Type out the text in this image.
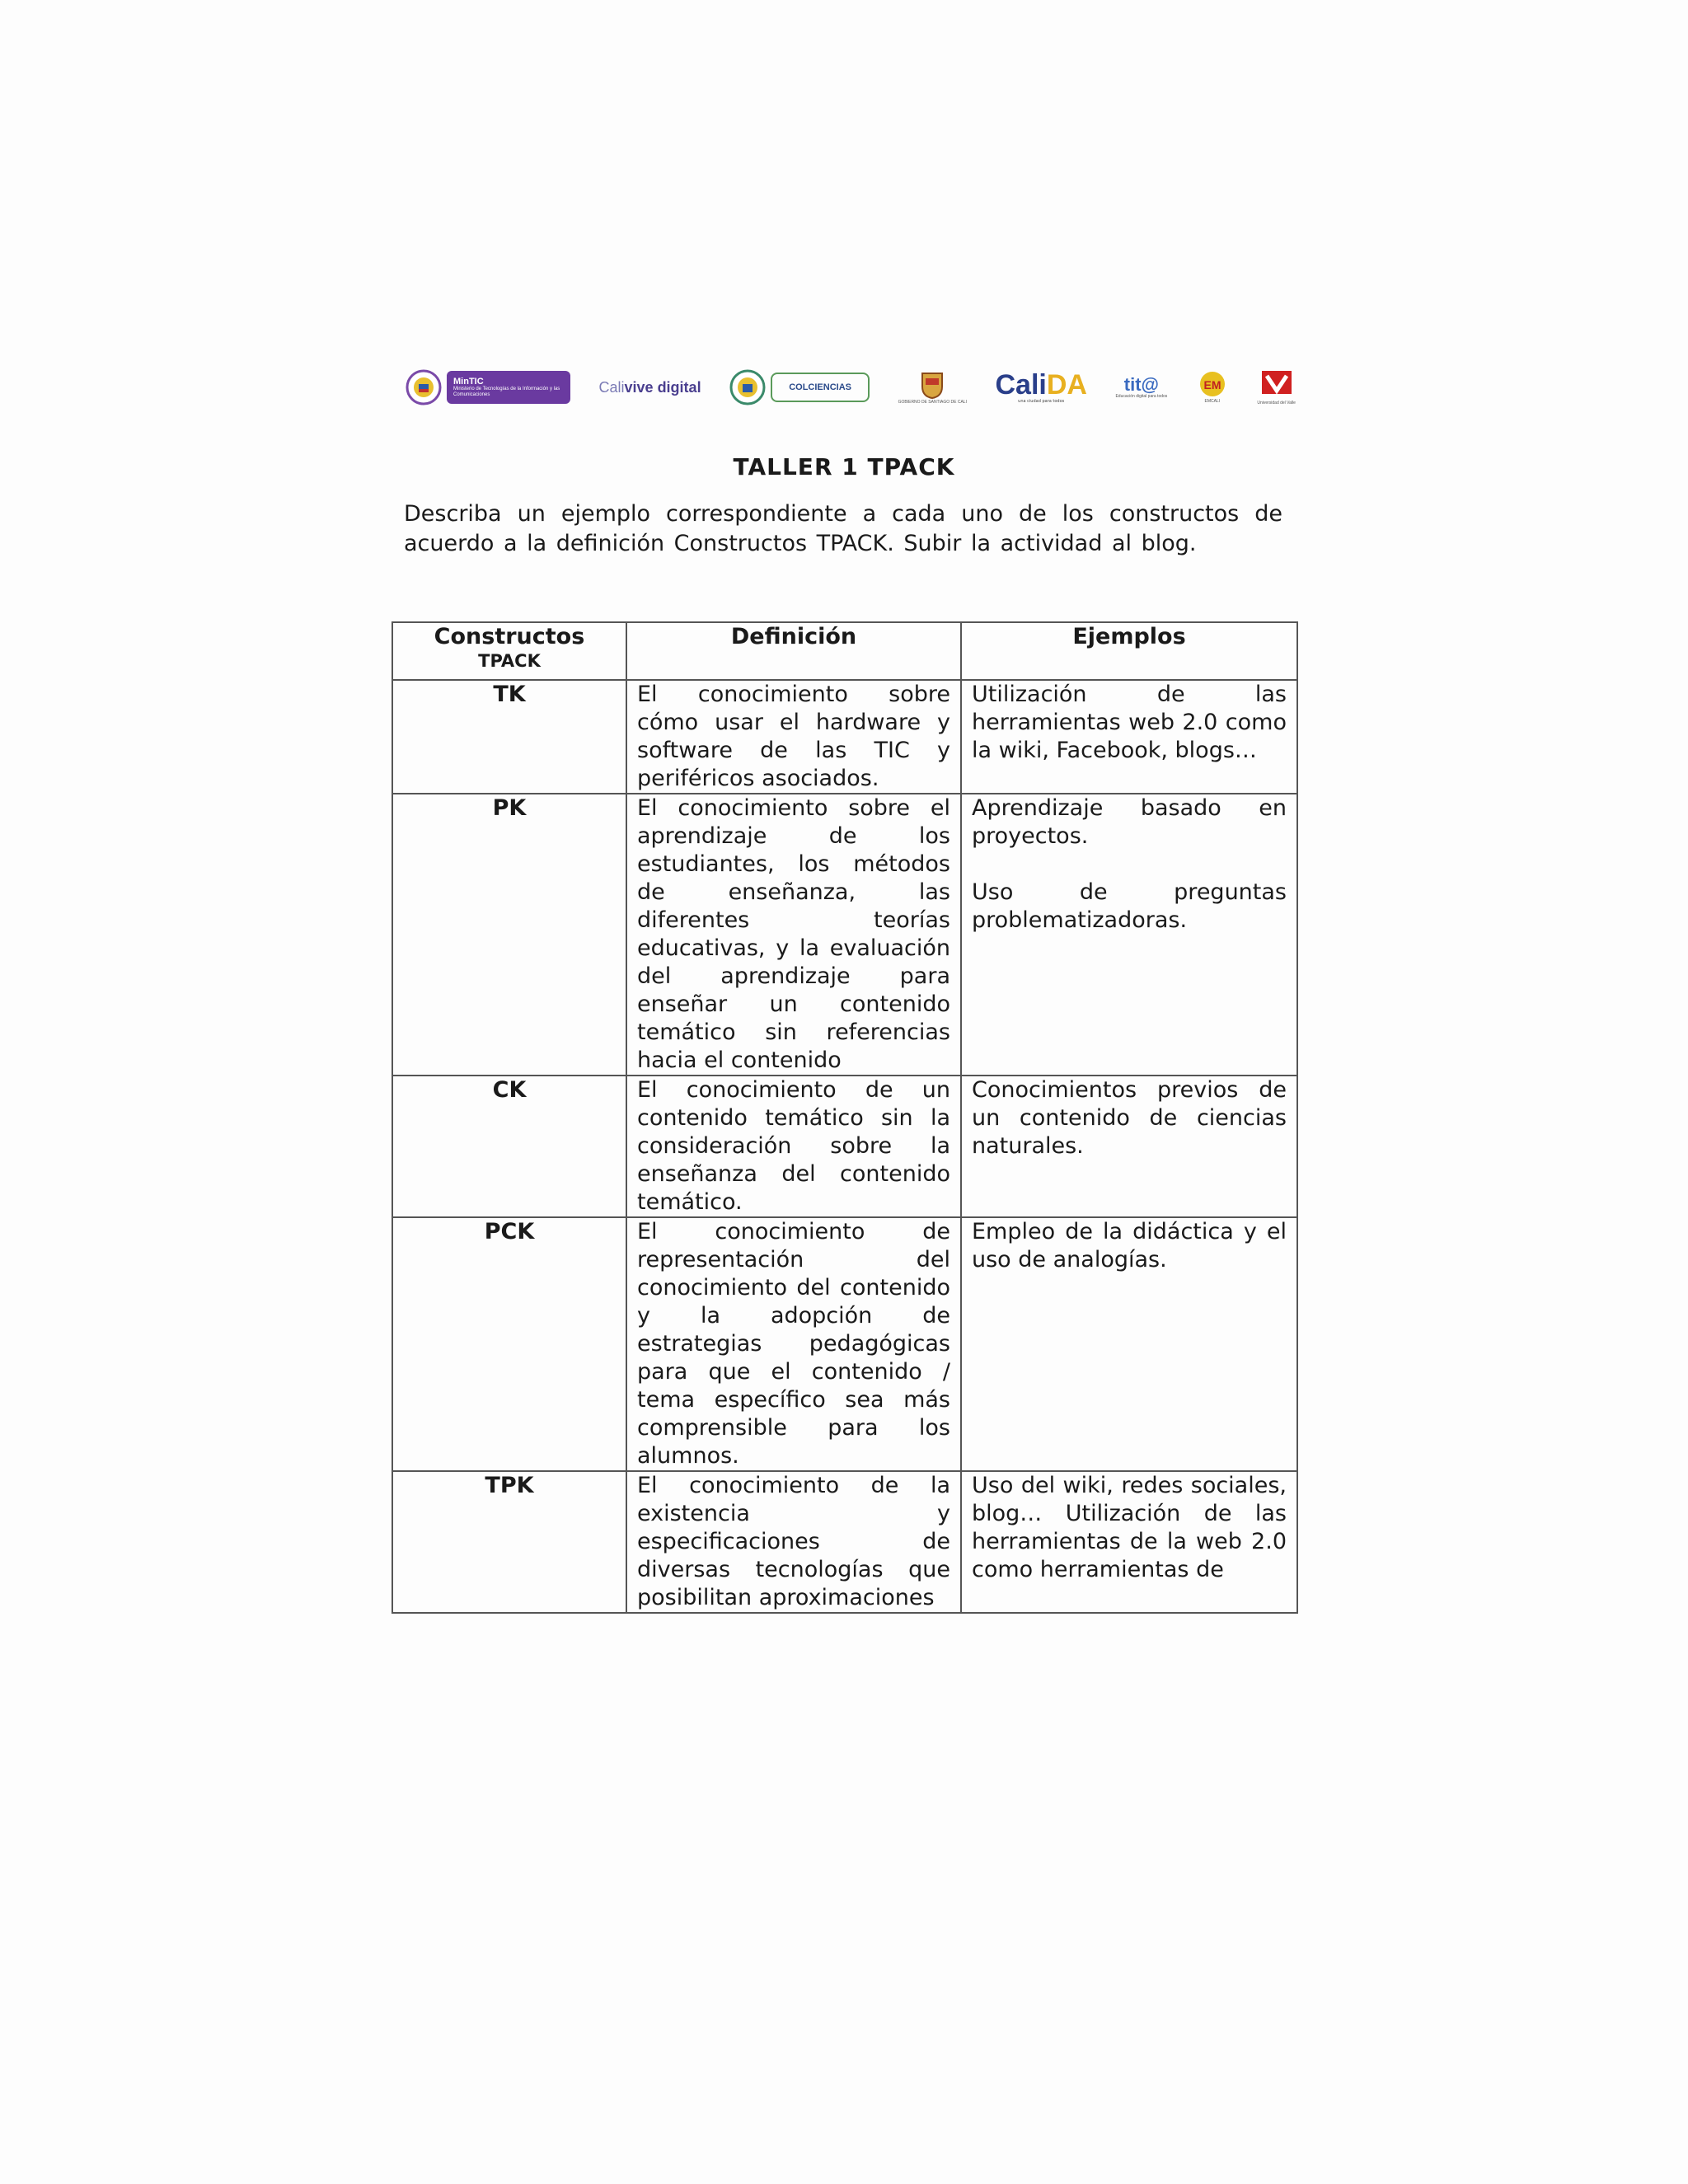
MinTIC
Ministerio de Tecnologías de la Información y las Comunicaciones	Calivive digital	COLCIENCIAS
GOBIERNO DE SANTIAGO DE CALI
CaliDA
una ciudad para todos
tit@
Educación digital para todos
EM
EMCALI	Universidad del Valle
TALLER 1 TPACK
Describa un ejemplo correspondiente a cada uno de los constructos de acuerdo a la definición Constructos TPACK. Subir la actividad al blog.
Constructos
TPACK	Definición	Ejemplos
TK	El conocimiento sobre cómo usar el hardware y software de las TIC y periféricos asociados.	Utilización de las herramientas web 2.0 como la wiki, Facebook, blogs…

PK	El conocimiento sobre el aprendizaje de los estudiantes, los métodos de enseñanza, las diferentes teorías educativas, y la evaluación del aprendizaje para enseñar un contenido temático sin referencias hacia el contenido	Aprendizaje basado en proyectos.

Uso de preguntas problematizadoras.

CK	El conocimiento de un contenido temático sin la consideración sobre la enseñanza del contenido temático.	Conocimientos previos de un contenido de ciencias naturales.

PCK	El conocimiento de representación del conocimiento del contenido y la adopción de estrategias pedagógicas para que el contenido / tema específico sea más comprensible para los alumnos.	Empleo de la didáctica y el uso de analogías.

TPK	El conocimiento de la existencia y especificaciones de diversas tecnologías que posibilitan aproximaciones	Uso del wiki, redes sociales, blog… Utilización de las herramientas de la web 2.0 como herramientas de
